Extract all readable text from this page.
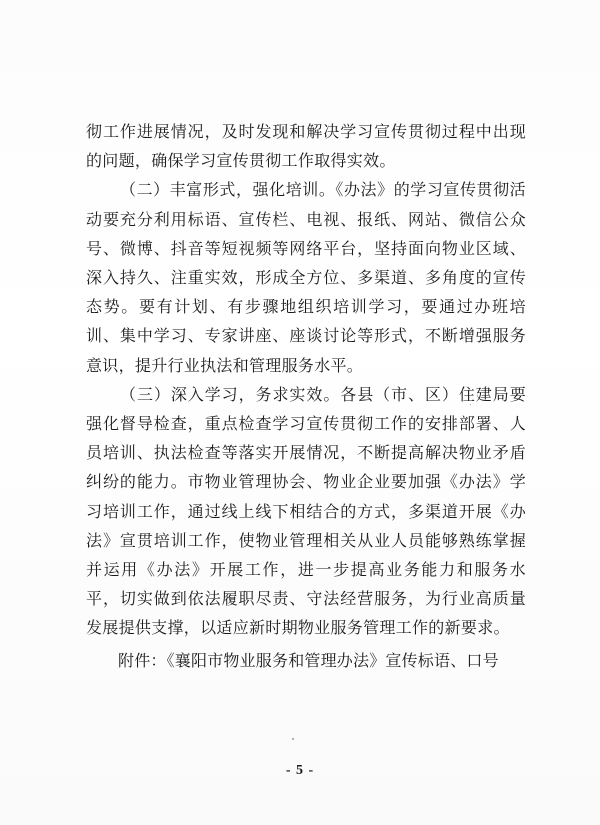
彻工作进展情况，及时发现和解决学习宣传贯彻过程中出现的问题，确保学习宣传贯彻工作取得实效。

（二）丰富形式，强化培训。《办法》的学习宣传贯彻活动要充分利用标语、宣传栏、电视、报纸、网站、微信公众号、微博、抖音等短视频等网络平台，坚持面向物业区域、深入持久、注重实效，形成全方位、多渠道、多角度的宣传态势。要有计划、有步骤地组织培训学习，要通过办班培训、集中学习、专家讲座、座谈讨论等形式，不断增强服务意识，提升行业执法和管理服务水平。

（三）深入学习，务求实效。各县（市、区）住建局要强化督导检查，重点检查学习宣传贯彻工作的安排部署、人员培训、执法检查等落实开展情况，不断提高解决物业矛盾纠纷的能力。市物业管理协会、物业企业要加强《办法》学习培训工作，通过线上线下相结合的方式，多渠道开展《办法》宣贯培训工作，使物业管理相关从业人员能够熟练掌握并运用《办法》开展工作，进一步提高业务能力和服务水平，切实做到依法履职尽责、守法经营服务，为行业高质量发展提供支撑，以适应新时期物业服务管理工作的新要求。

附件：《襄阳市物业服务和管理办法》宣传标语、口号
- 5 -
